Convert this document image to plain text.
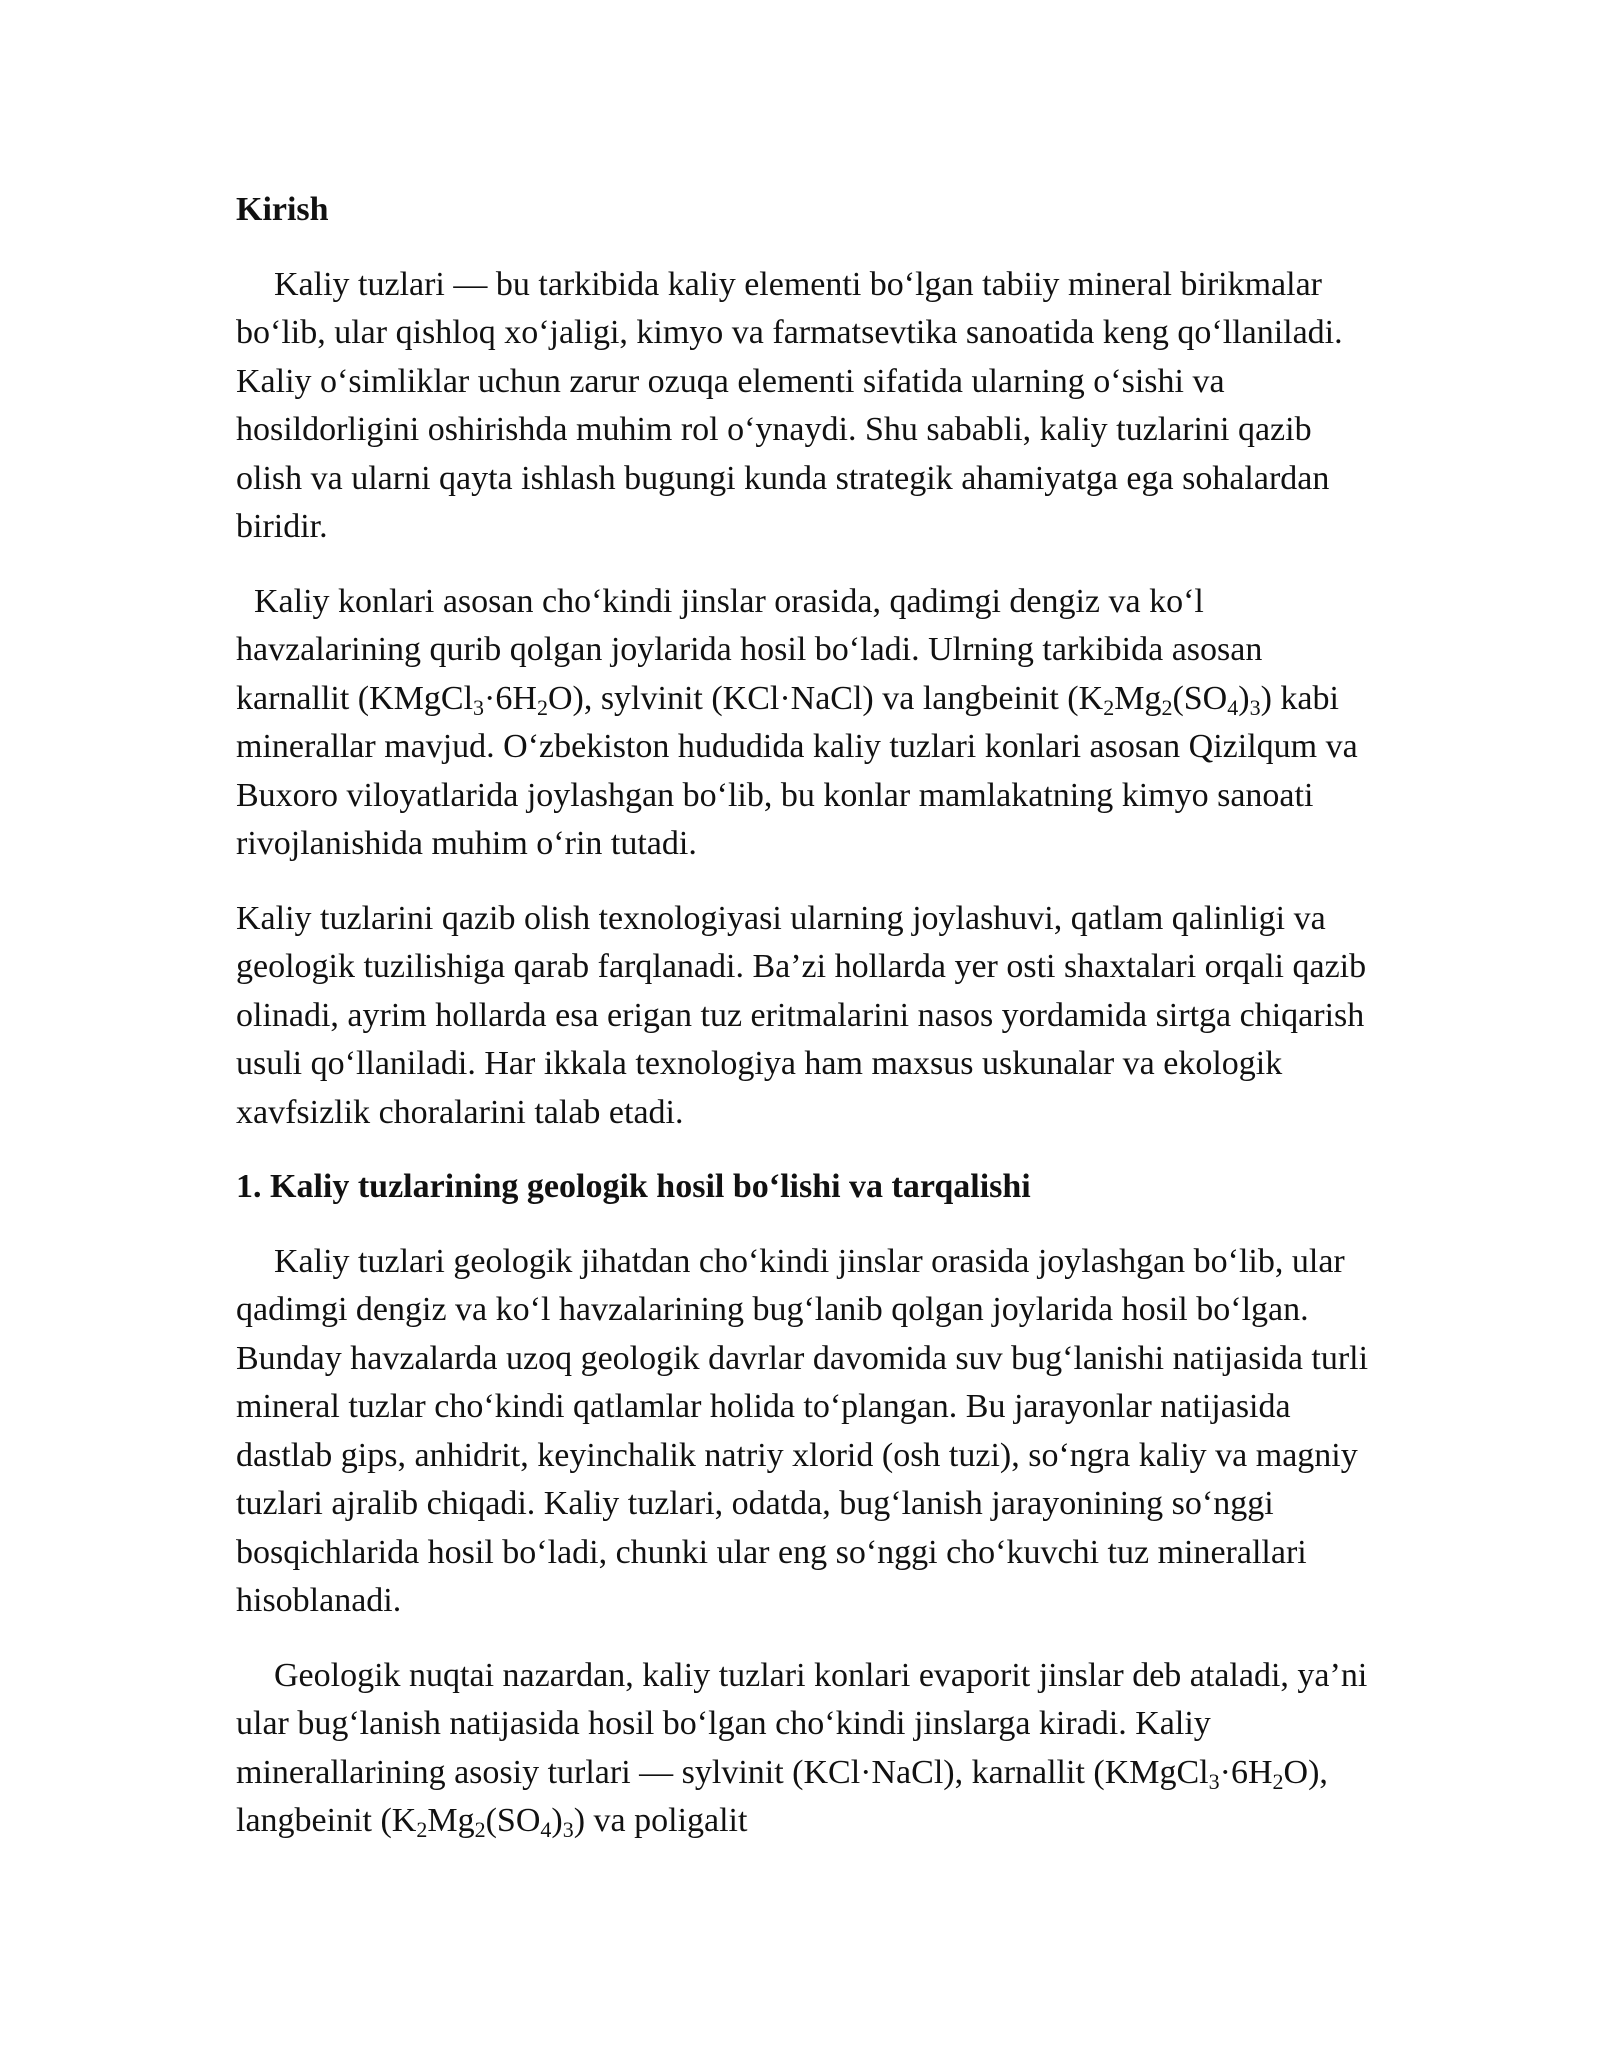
Kirish

Kaliy tuzlari — bu tarkibida kaliy elementi bo‘lgan tabiiy mineral birikmalar bo‘lib, ular qishloq xo‘jaligi, kimyo va farmatsevtika sanoatida keng qo‘llaniladi. Kaliy o‘simliklar uchun zarur ozuqa elementi sifatida ularning o‘sishi va hosildorligini oshirishda muhim rol o‘ynaydi. Shu sababli, kaliy tuzlarini qazib olish va ularni qayta ishlash bugungi kunda strategik ahamiyatga ega sohalardan biridir.

Kaliy konlari asosan cho‘kindi jinslar orasida, qadimgi dengiz va ko‘l havzalarining qurib qolgan joylarida hosil bo‘ladi. Ulrning tarkibida asosan karnallit $(KMgCl_3\cdot 6H_2O)$, sylvinit (KCl·NaCl) va langbeinit $(K_2Mg_2(SO_4)_3)$ kabi minerallar mavjud. O‘zbekiston hududida kaliy tuzlari konlari asosan Qizilqum va Buxoro viloyatlarida joylashgan bo‘lib, bu konlar mamlakatning kimyo sanoati rivojlanishida muhim o‘rin tutadi.

Kaliy tuzlarini qazib olish texnologiyasi ularning joylashuvi, qatlam qalinligi va geologik tuzilishiga qarab farqlanadi. Ba’zi hollarda yer osti shaxtalari orqali qazib olinadi, ayrim hollarda esa erigan tuz eritmalarini nasos yordamida sirtga chiqarish usuli qo‘llaniladi. Har ikkala texnologiya ham maxsus uskunalar va ekologik xavfsizlik choralarini talab etadi.

1. Kaliy tuzlarining geologik hosil bo‘lishi va tarqalishi

Kaliy tuzlari geologik jihatdan cho‘kindi jinslar orasida joylashgan bo‘lib, ular qadimgi dengiz va ko‘l havzalarining bug‘lanib qolgan joylarida hosil bo‘lgan. Bunday havzalarda uzoq geologik davrlar davomida suv bug‘lanishi natijasida turli mineral tuzlar cho‘kindi qatlamlar holida to‘plangan. Bu jarayonlar natijasida dastlab gips, anhidrit, keyinchalik natriy xlorid (osh tuzi), so‘ngra kaliy va magniy tuzlari ajralib chiqadi. Kaliy tuzlari, odatda, bug‘lanish jarayonining so‘nggi bosqichlarida hosil bo‘ladi, chunki ular eng so‘nggi cho‘kuvchi tuz minerallari hisoblanadi.

Geologik nuqtai nazardan, kaliy tuzlari konlari evaporit jinslar deb ataladi, ya’ni ular bug‘lanish natijasida hosil bo‘lgan cho‘kindi jinslarga kiradi. Kaliy minerallarining asosiy turlari — sylvinit (KCl·NaCl), karnallit $(KMgCl_3\cdot 6H_2O)$, langbeinit $(K_2Mg_2(SO_4)_3)$ va poligalit
